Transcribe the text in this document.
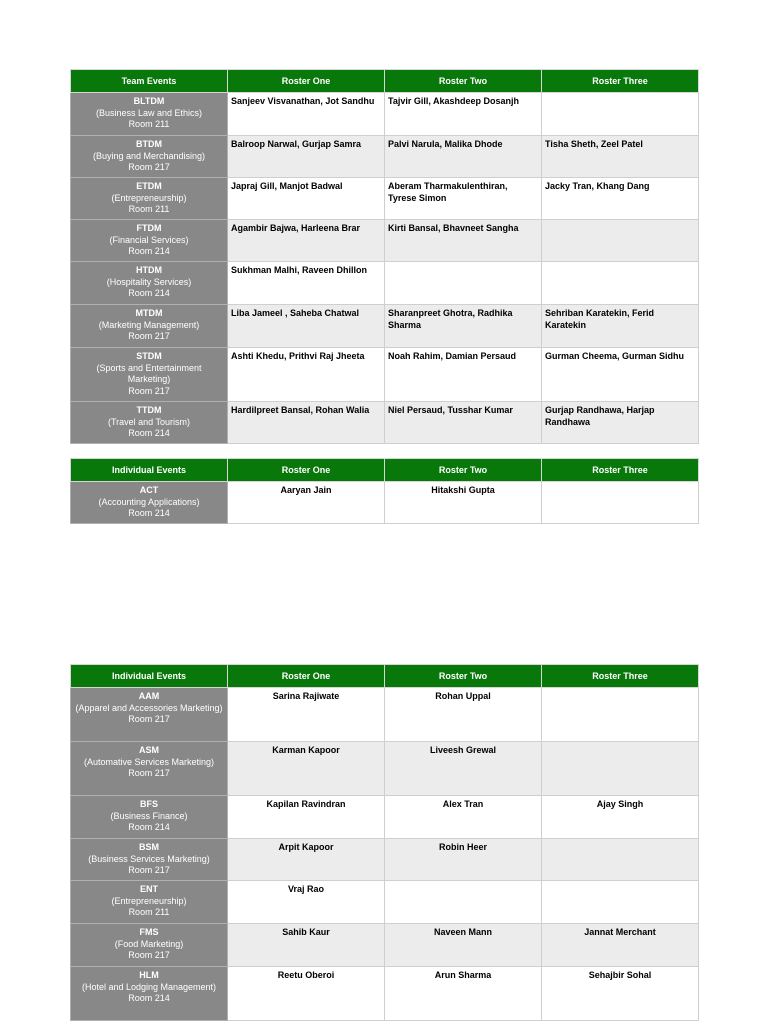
Team Events	Roster One	Roster Two	Roster Three

BLTDM
(Business Law and Ethics)
Room 211	Sanjeev Visvanathan, Jot Sandhu	Tajvir Gill, Akashdeep Dosanjh	

BTDM
(Buying and Merchandising)
Room 217	Balroop Narwal, Gurjap Samra	Palvi Narula, Malika Dhode	Tisha Sheth, Zeel Patel

ETDM
(Entrepreneurship)
Room 211	Japraj Gill, Manjot Badwal	Aberam Tharmakulenthiran, Tyrese Simon	Jacky Tran, Khang Dang

FTDM
(Financial Services)
Room 214	Agambir Bajwa, Harleena Brar	Kirti Bansal, Bhavneet Sangha	

HTDM
(Hospitality Services)
Room 214	Sukhman Malhi, Raveen Dhillon		

MTDM
(Marketing Management)
Room 217	Liba Jameel , Saheba Chatwal	Sharanpreet Ghotra, Radhika Sharma	Sehriban Karatekin, Ferid Karatekin

STDM
(Sports and Entertainment Marketing)
Room 217	Ashti Khedu, Prithvi Raj Jheeta	Noah Rahim, Damian Persaud	Gurman Cheema, Gurman Sidhu

TTDM
(Travel and Tourism)
Room 214	Hardilpreet Bansal, Rohan Walia	Niel Persaud, Tusshar Kumar	Gurjap Randhawa, Harjap Randhawa
Individual Events	Roster One	Roster Two	Roster Three

ACT
(Accounting Applications)
Room 214	Aaryan Jain	Hitakshi Gupta	
Individual Events	Roster One	Roster Two	Roster Three

AAM
(Apparel and Accessories Marketing)
Room 217	Sarina Rajiwate	Rohan Uppal	

ASM
(Automative Services Marketing)
Room 217	Karman Kapoor	Liveesh Grewal	

BFS
(Business Finance)
Room 214	Kapilan Ravindran	Alex Tran	Ajay Singh

BSM
(Business Services Marketing)
Room 217	Arpit Kapoor	Robin Heer	

ENT
(Entrepreneurship)
Room 211	Vraj Rao		

FMS
(Food Marketing)
Room 217	Sahib Kaur	Naveen Mann	Jannat Merchant

HLM
(Hotel and Lodging Management)
Room 214	Reetu Oberoi	Arun Sharma	Sehajbir Sohal
